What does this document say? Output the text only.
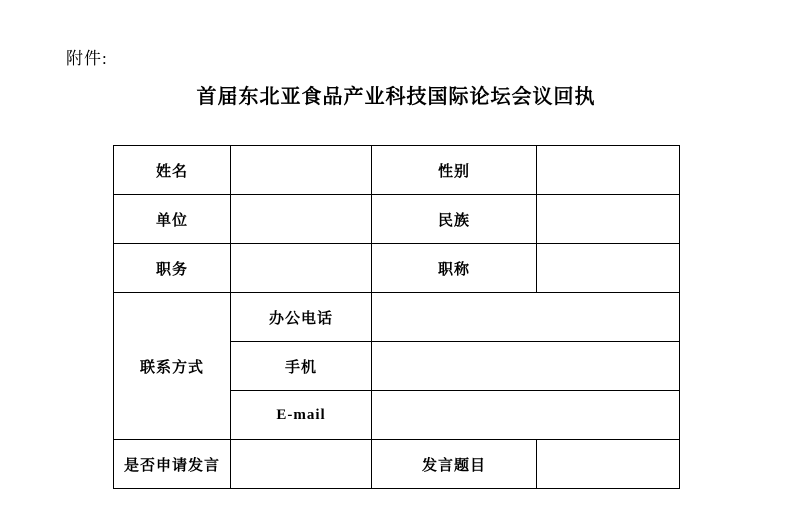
附件:
首届东北亚食品产业科技国际论坛会议回执
姓名		性别	
单位		民族	
职务		职称	
联系方式	办公电话		
	手机		
	E-mail		
是否申请发言		发言题目	
